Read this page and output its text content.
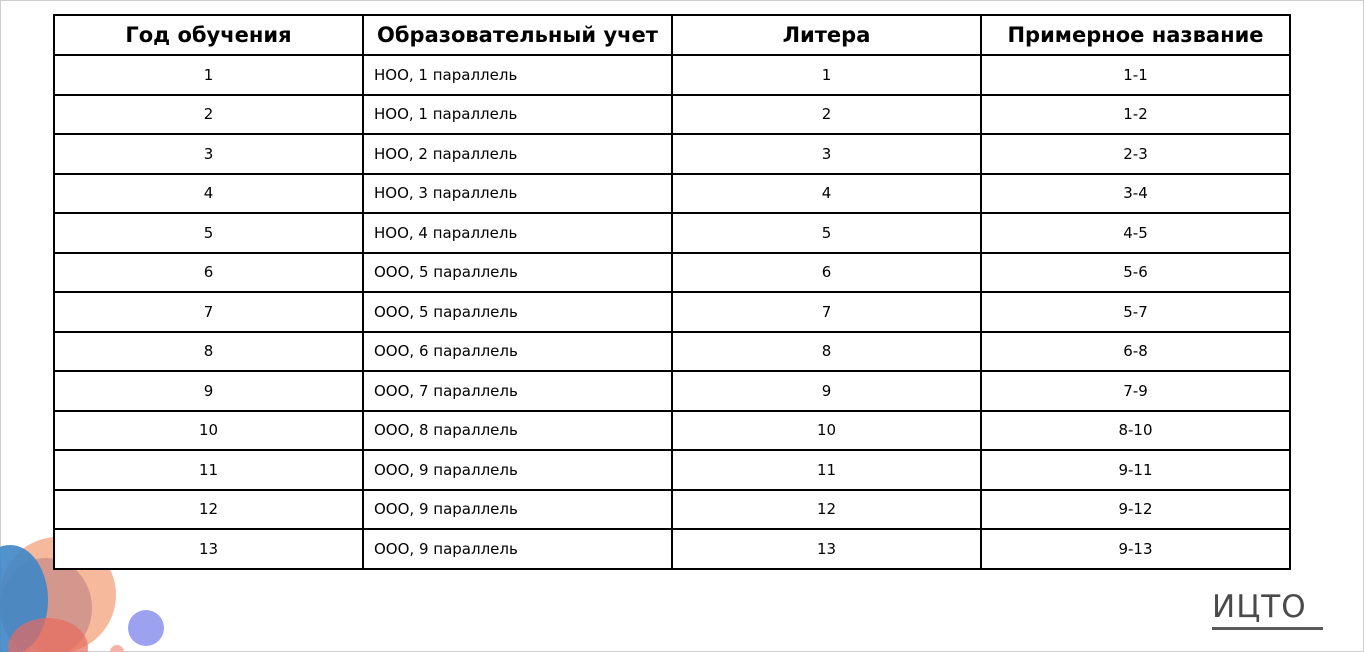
Год обучения	Образовательный учет	Литера	Примерное название
1	НОО, 1 параллель	1	1-1
2	НОО, 1 параллель	2	1-2
3	НОО, 2 параллель	3	2-3
4	НОО, 3 параллель	4	3-4
5	НОО, 4 параллель	5	4-5
6	ООО, 5 параллель	6	5-6
7	ООО, 5 параллель	7	5-7
8	ООО, 6 параллель	8	6-8
9	ООО, 7 параллель	9	7-9
10	ООО, 8 параллель	10	8-10
11	ООО, 9 параллель	11	9-11
12	ООО, 9 параллель	12	9-12
13	ООО, 9 параллель	13	9-13
ИЦТО
